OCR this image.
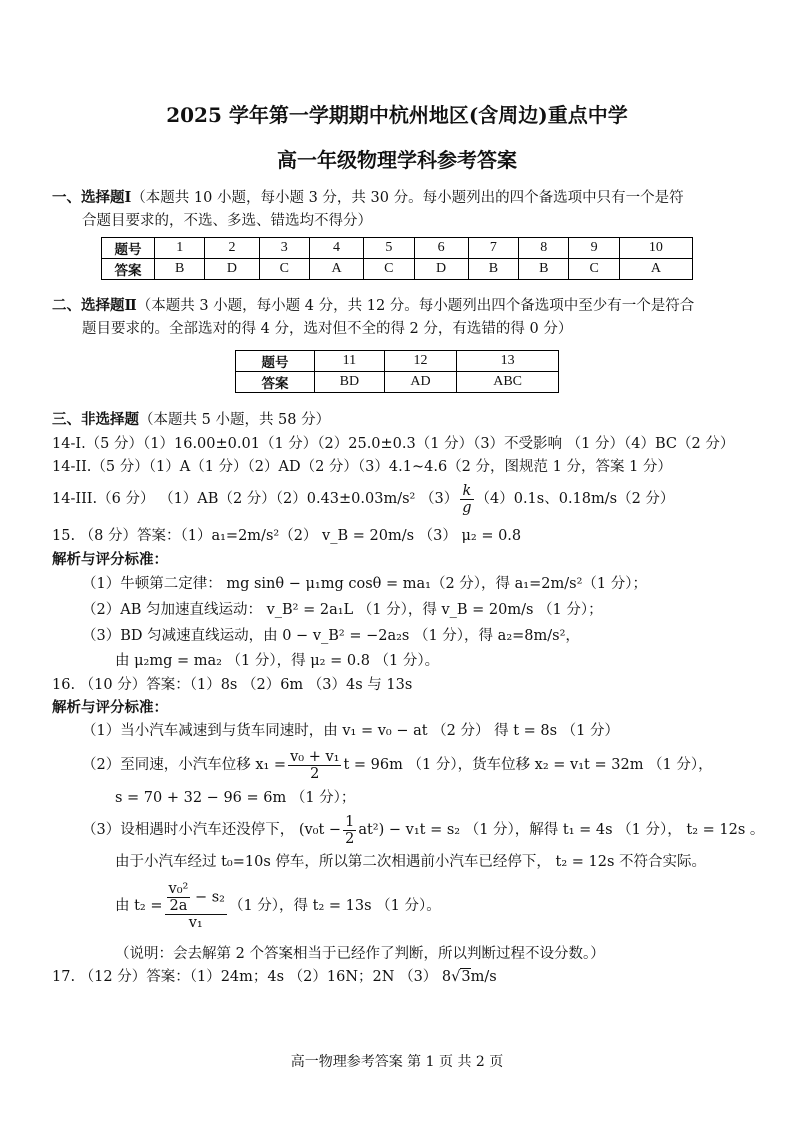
2025 学年第一学期期中杭州地区(含周边)重点中学
高一年级物理学科参考答案
一、选择题Ⅰ（本题共 10 小题，每小题 3 分，共 30 分。每小题列出的四个备选项中只有一个是符
合题目要求的，不选、多选、错选均不得分）
题号	1	2	3	4	5	6	7	8	9	10
答案	B	D	C	A	C	D	B	B	C	A
二、选择题Ⅱ（本题共 3 小题，每小题 4 分，共 12 分。每小题列出四个备选项中至少有一个是符合
题目要求的。全部选对的得 4 分，选对但不全的得 2 分，有选错的得 0 分）
题号	11	12	13
答案	BD	AD	ABC
三、非选择题（本题共 5 小题，共 58 分）
14-I.（5 分）（1）16.00±0.01（1 分）（2）25.0±0.3（1 分）（3）不受影响 （1 分）（4）BC（2 分）
14-II.（5 分）（1）A（1 分）（2）AD（2 分）（3）4.1~4.6（2 分，图规范 1 分，答案 1 分）
14-III.（6 分） （1）AB（2 分）（2）0.43±0.03m/s² $(3) \frac{k}{g} (4)0.1s$、0.18m/s（2 分）
15. （8 分）答案：（1）a₁=2m/s²（2） v_B = 20m/s （3） μ₂ = 0.8
解析与评分标准：
（1）牛顿第二定律： mg sinθ − μ₁mg cosθ = ma₁（2 分），得 a₁=2m/s²（1 分）；
（2）AB 匀加速直线运动： v_B² = 2a₁L （1 分），得 v_B = 20m/s （1 分）；
（3）BD 匀减速直线运动，由 0 − v_B² = −2a₂s （1 分），得 a₂=8m/s²，
由 μ₂mg = ma₂ （1 分），得 μ₂ = 0.8 （1 分）。
16. （10 分）答案：（1）8s （2）6m （3）4s 与 13s
解析与评分标准：
（1）当小汽车减速到与货车同速时，由 v₁ = v₀ − at （2 分） 得 t = 8s （1 分）
（2）至同速，小汽车位移 $x_1 = \frac{\text{v₀ + v₁}}{2}$ t = 96m （1 分），货车位移 x₂ = v₁t = 32m （1 分），
s = 70 + 32 − 96 = 6m （1 分）；
（3）设相遇时小汽车还没停下， $(v_0t - \frac{1}{2} at^2) - v_1t = s_2$ （1 分），解得 t₁ = 4s （1 分）， t₂ = 12s 。
由于小汽车经过 t₀=10s 停车，所以第二次相遇前小汽车已经停下， t₂ = 12s 不符合实际。
由 $t_2 = \frac{\frac{\text{v₀²}}{2a} - s_2}{\text{v₁}} (1$ 分），得 t₂ = 13s （1 分）。
（说明：会去解第 2 个答案相当于已经作了判断，所以判断过程不设分数。）
17. （12 分）答案：（1）24m；4s （2）16N；2N （3） 8√3m/s
高一物理参考答案 第 1 页 共 2 页
